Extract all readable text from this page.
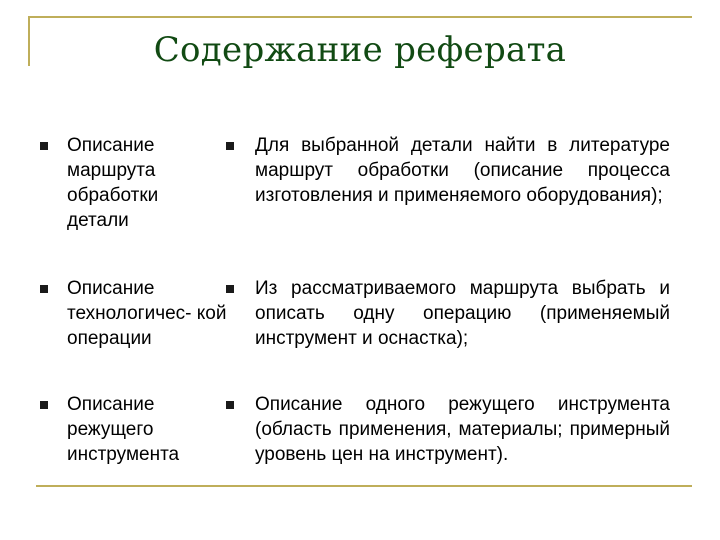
Содержание реферата
Описание маршрута обработки детали
Для выбранной детали найти в литературе маршрут обработки (описание процесса изготовления и применяемого оборудования);
Описание технологичес- кой операции
Из рассматриваемого маршрута выбрать и описать одну операцию (применяемый инструмент и оснастка);
Описание режущего инструмента
Описание одного режущего инструмента (область применения, материалы; примерный уровень цен на инструмент).
